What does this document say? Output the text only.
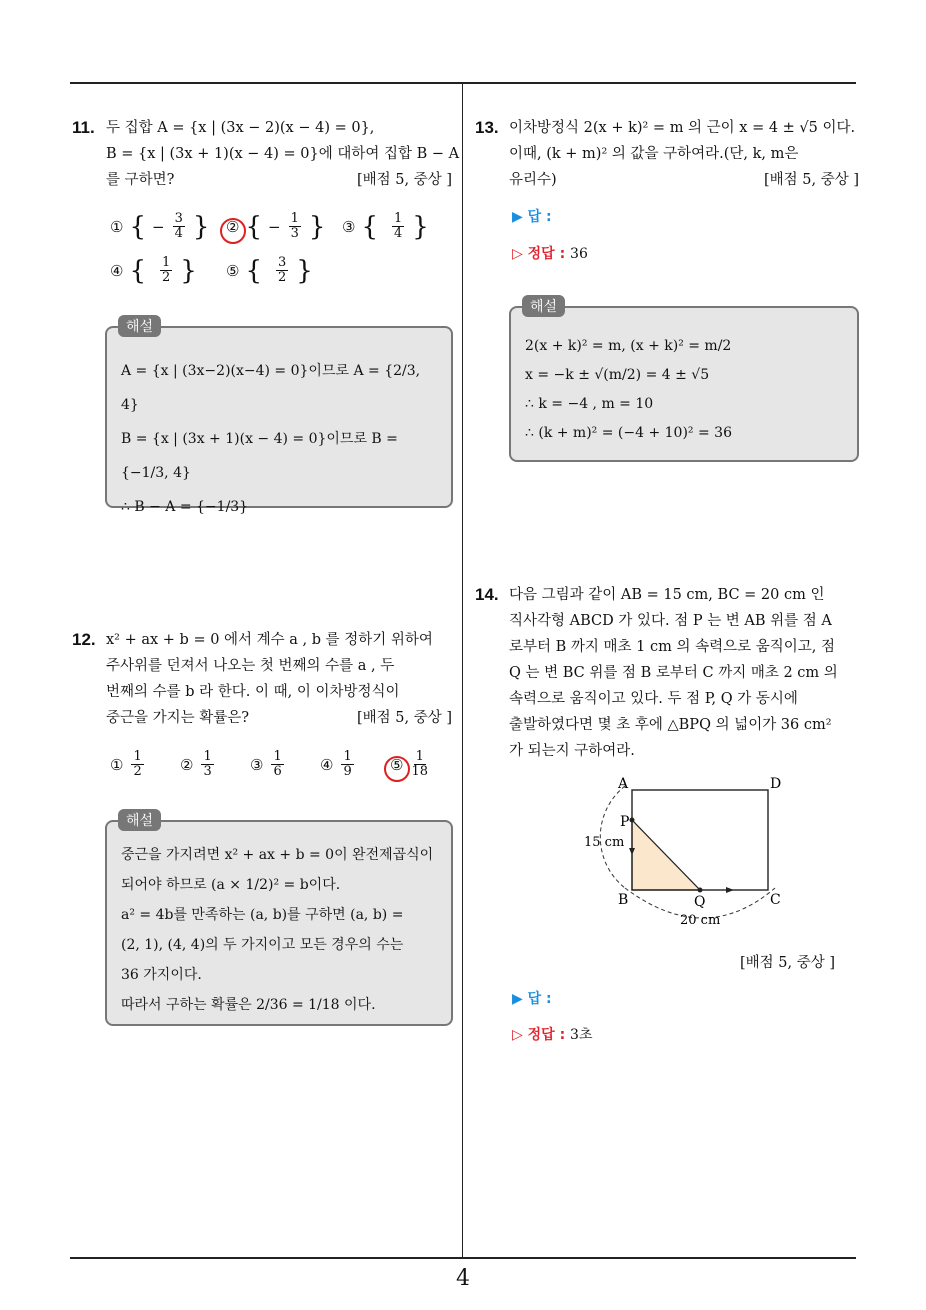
4
11. 두 집합 A = {x | (3x − 2)(x − 4) = 0},
B = {x | (3x + 1)(x − 4) = 0}에 대하여 집합 B − A
를 구하면?	[배점 5, 중상 ]
① { − $\frac{3}{4}$ } ② { − $\frac{1}{3}$ } ③ { $\frac{1}{4}$ }
④ { $\frac{1}{2}$ } ⑤ { $\frac{3}{2}$ }
A = {x | (3x−2)(x−4) = 0}이므로 A = {2/3, 4}
B = {x | (3x + 1)(x − 4) = 0}이므로 B =
{−1/3, 4}
∴ B − A = {−1/3}
해설
12. x² + ax + b = 0 에서 계수 a , b 를 정하기 위하여
주사위를 던져서 나오는 첫 번째의 수를 a , 두
번째의 수를 b 라 한다. 이 때, 이 이차방정식이
중근을 가지는 확률은?	[배점 5, 중상 ]
① $\frac{1}{2}$ ② $\frac{1}{3}$ ③ $\frac{1}{6}$ ④ $\frac{1}{9}$ ⑤ $\frac{1}{18}$
중근을 가지려면 x² + ax + b = 0이 완전제곱식이
되어야 하므로 (a × 1/2)² = b이다.
a² = 4b를 만족하는 (a, b)를 구하면 (a, b) =
(2, 1), (4, 4)의 두 가지이고 모든 경우의 수는
36 가지이다.
따라서 구하는 확률은 2/36 = 1/18 이다.
해설
13. 이차방정식 2(x + k)² = m 의 근이 x = 4 ± √5 이다.
이때, (k + m)² 의 값을 구하여라.(단, k, m은
유리수)	[배점 5, 중상 ]
▶ 답 :
▷ 정답 : 36
2(x + k)² = m, (x + k)² = m/2
x = −k ± √(m/2) = 4 ± √5
∴ k = −4 , m = 10
∴ (k + m)² = (−4 + 10)² = 36
해설
14. 다음 그림과 같이 AB = 15 cm, BC = 20 cm 인
직사각형 ABCD 가 있다. 점 P 는 변 AB 위를 점 A
로부터 B 까지 매초 1 cm 의 속력으로 움직이고, 점
Q 는 변 BC 위를 점 B 로부터 C 까지 매초 2 cm 의
속력으로 움직이고 있다. 두 점 P, Q 가 동시에
출발하였다면 몇 초 후에 △BPQ 의 넓이가 36 cm²
가 되는지 구하여라.
A	D
B	C
P
Q
15 cm
20 cm
[배점 5, 중상 ]
▶ 답 :
▷ 정답 : 3초
